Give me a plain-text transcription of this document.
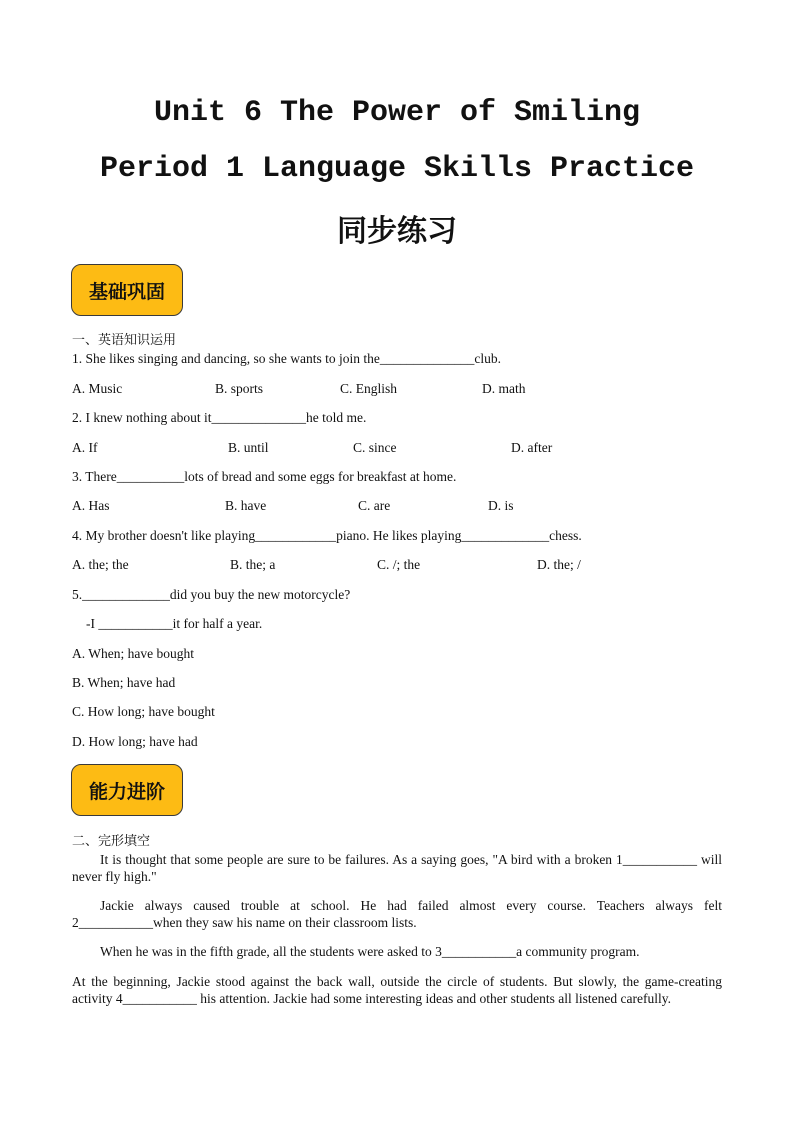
Unit 6 The Power of Smiling
Period 1 Language Skills Practice
同步练习
基础巩固
一、英语知识运用
1. She likes singing and dancing, so she wants to join the______________club.
A. Music	B. sports	C. English	D. math
2. I knew nothing about it______________he told me.
A. If	B. until	C. since	D. after
3. There__________lots of bread and some eggs for breakfast at home.
A. Has	B. have	C. are	D. is
4. My brother doesn't like playing____________piano. He likes playing_____________chess.
A. the; the	B. the; a	C. /; the	D. the; /
5._____________did you buy the new motorcycle?
-I ___________it for half a year.
A. When; have bought
B. When; have had
C. How long; have bought
D. How long; have had
能力进阶
二、完形填空
It is thought that some people are sure to be failures. As a saying goes, "A bird with a broken 1___________ will never fly high."
Jackie always caused trouble at school. He had failed almost every course. Teachers always felt 2___________when they saw his name on their classroom lists.
When he was in the fifth grade, all the students were asked to 3___________a community program.
At the beginning, Jackie stood against the back wall, outside the circle of students. But slowly, the game-creating activity 4___________ his attention. Jackie had some interesting ideas and other students all listened carefully.
